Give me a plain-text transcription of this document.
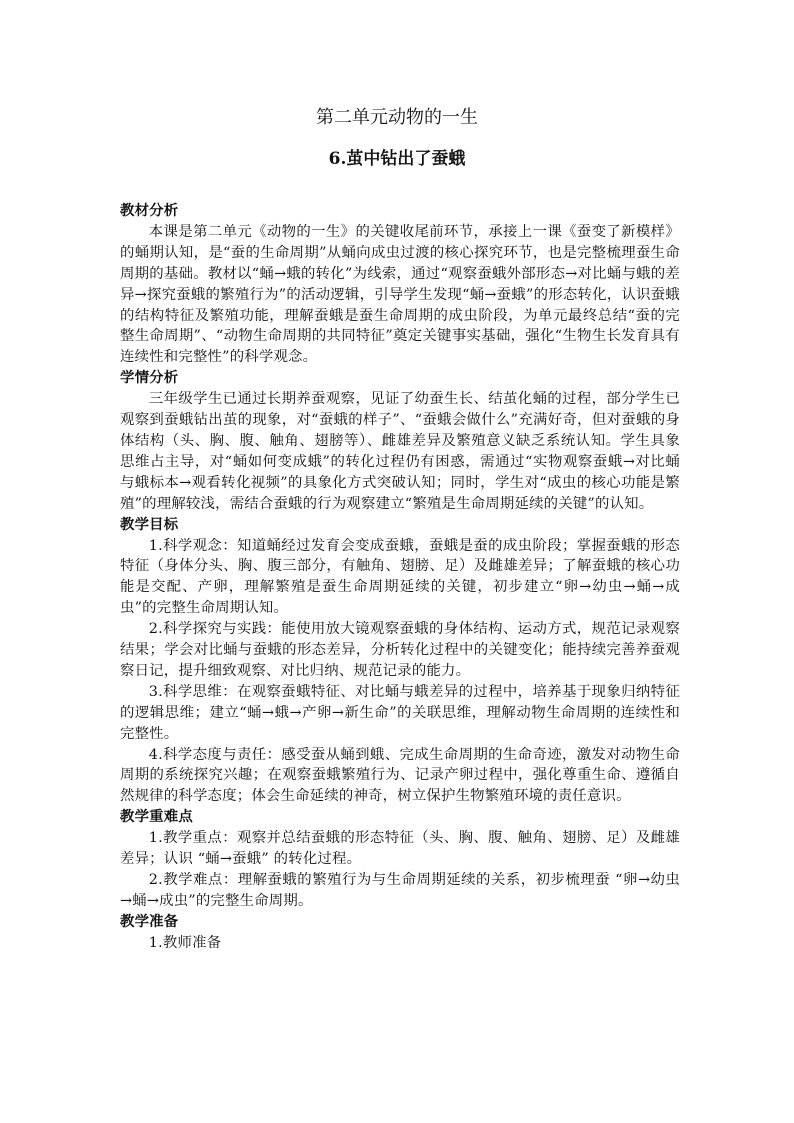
第二单元动物的一生
6.茧中钻出了蚕蛾
教材分析

本课是第二单元《动物的一生》的关键收尾前环节，承接上一课《蚕变了新模样》的蛹期认知，是“蚕的生命周期”从蛹向成虫过渡的核心探究环节，也是完整梳理蚕生命周期的基础。教材以“蛹→蛾的转化”为线索，通过“观察蚕蛾外部形态→对比蛹与蛾的差异→探究蚕蛾的繁殖行为”的活动逻辑，引导学生发现“蛹→蚕蛾”的形态转化，认识蚕蛾的结构特征及繁殖功能，理解蚕蛾是蚕生命周期的成虫阶段，为单元最终总结“蚕的完整生命周期”、“动物生命周期的共同特征”奠定关键事实基础，强化“生物生长发育具有连续性和完整性”的科学观念。

学情分析

三年级学生已通过长期养蚕观察，见证了幼蚕生长、结茧化蛹的过程，部分学生已观察到蚕蛾钻出茧的现象，对“蚕蛾的样子”、“蚕蛾会做什么”充满好奇，但对蚕蛾的身体结构（头、胸、腹、触角、翅膀等）、雌雄差异及繁殖意义缺乏系统认知。学生具象思维占主导，对“蛹如何变成蛾”的转化过程仍有困惑，需通过“实物观察蚕蛾→对比蛹与蛾标本→观看转化视频”的具象化方式突破认知；同时，学生对“成虫的核心功能是繁殖”的理解较浅，需结合蚕蛾的行为观察建立“繁殖是生命周期延续的关键”的认知。

教学目标

1.科学观念：知道蛹经过发育会变成蚕蛾，蚕蛾是蚕的成虫阶段；掌握蚕蛾的形态特征（身体分头、胸、腹三部分，有触角、翅膀、足）及雌雄差异；了解蚕蛾的核心功能是交配、产卵，理解繁殖是蚕生命周期延续的关键，初步建立“卵→幼虫→蛹→成虫”的完整生命周期认知。

2.科学探究与实践：能使用放大镜观察蚕蛾的身体结构、运动方式，规范记录观察结果；学会对比蛹与蚕蛾的形态差异，分析转化过程中的关键变化；能持续完善养蚕观察日记，提升细致观察、对比归纳、规范记录的能力。

3.科学思维：在观察蚕蛾特征、对比蛹与蛾差异的过程中，培养基于现象归纳特征的逻辑思维；建立“蛹→蛾→产卵→新生命”的关联思维，理解动物生命周期的连续性和完整性。

4.科学态度与责任：感受蚕从蛹到蛾、完成生命周期的生命奇迹，激发对动物生命周期的系统探究兴趣；在观察蚕蛾繁殖行为、记录产卵过程中，强化尊重生命、遵循自然规律的科学态度；体会生命延续的神奇，树立保护生物繁殖环境的责任意识。

教学重难点

1.教学重点：观察并总结蚕蛾的形态特征（头、胸、腹、触角、翅膀、足）及雌雄差异；认识 “蛹→蚕蛾” 的转化过程。

2.教学难点：理解蚕蛾的繁殖行为与生命周期延续的关系，初步梳理蚕 “卵→幼虫→蛹→成虫”的完整生命周期。

教学准备

1.教师准备
